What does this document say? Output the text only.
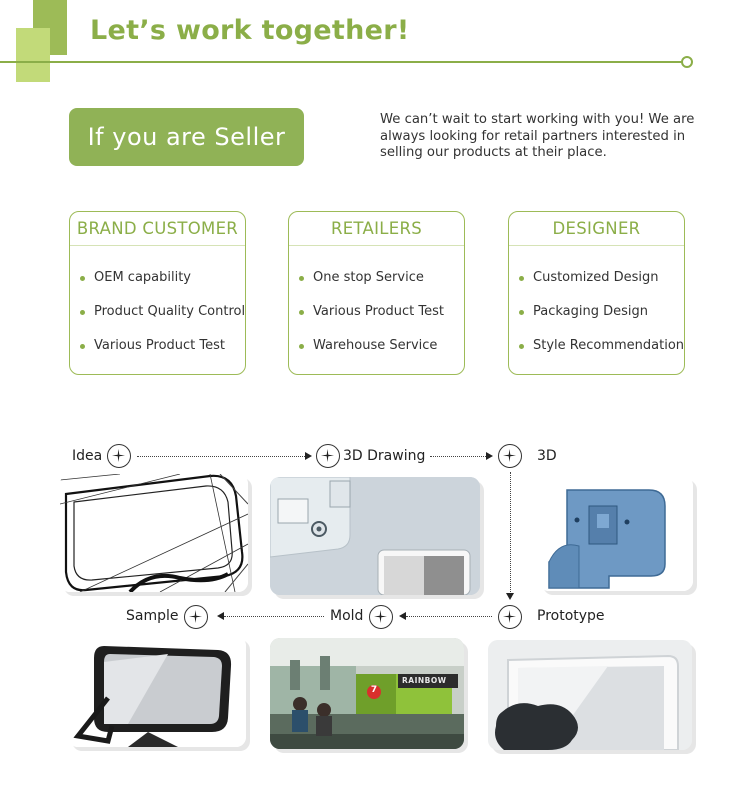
Let’s work together!
If you are Seller
We can’t wait to start working with you! We are
always looking for retail partners interested in
selling our products at their place.
BRAND CUSTOMER
OEM capability
Product Quality Control
Various Product Test
RETAILERS
One stop Service
Various Product Test
Warehouse Service
DESIGNER
Customized Design
Packaging Design
Style Recommendation
Idea	3D Drawing	3D
Sample	Mold	Prototype
7
RAINBOW
